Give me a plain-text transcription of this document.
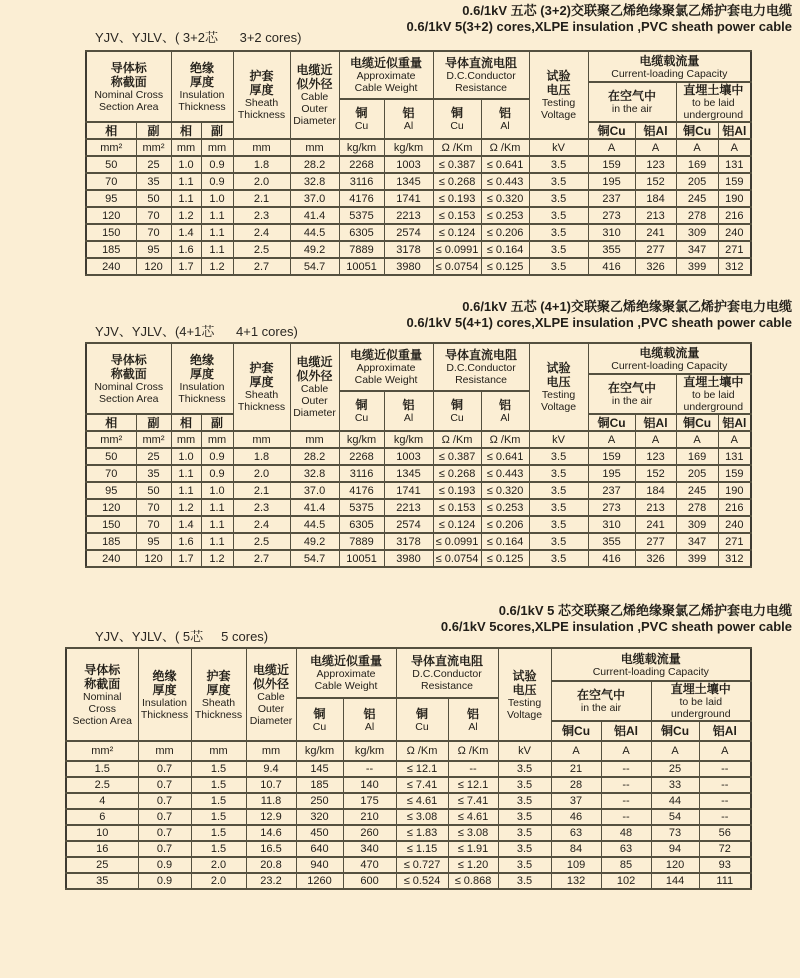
0.6/1kV 五芯 (3+2)交联聚乙烯绝缘聚氯乙烯护套电力电缆
0.6/1kV 5(3+2) cores,XLPE insulation ,PVC sheath power cable
YJV、YJLV、( 3+2芯      3+2 cores)
导体标
称截面
Nominal Cross
Section Area

绝缘
厚度
Insulation
Thickness

护套
厚度
Sheath
Thickness

电缆近
似外径
Cable
Outer
Diameter

电缆近似重量
Approximate
Cable Weight

导体直流电阻
D.C.Conductor
Resistance

试验
电压
Testing
Voltage

电缆载流量
Current-loading Capacity

在空气中
in the air

直埋土壤中
to be laid
underground

铜
Cu

铝
Al

铜
Cu

铝
Al

相	副	相	副								铜Cu	铝Al	铜Cu	铝Al

mm²	mm²	mm	mm	mm	mm	kg/km	kg/km	Ω /Km	Ω /Km	kV	A	A	A	A
50	25	1.0	0.9	1.8	28.2	2268	1003	≤ 0.387	≤ 0.641	3.5	159	123	169	131
70	35	1.1	0.9	2.0	32.8	3116	1345	≤ 0.268	≤ 0.443	3.5	195	152	205	159
95	50	1.1	1.0	2.1	37.0	4176	1741	≤ 0.193	≤ 0.320	3.5	237	184	245	190
120	70	1.2	1.1	2.3	41.4	5375	2213	≤ 0.153	≤ 0.253	3.5	273	213	278	216
150	70	1.4	1.1	2.4	44.5	6305	2574	≤ 0.124	≤ 0.206	3.5	310	241	309	240
185	95	1.6	1.1	2.5	49.2	7889	3178	≤ 0.0991	≤ 0.164	3.5	355	277	347	271
240	120	1.7	1.2	2.7	54.7	10051	3980	≤ 0.0754	≤ 0.125	3.5	416	326	399	312
0.6/1kV 五芯 (4+1)交联聚乙烯绝缘聚氯乙烯护套电力电缆
0.6/1kV 5(4+1) cores,XLPE insulation ,PVC sheath power cable
YJV、YJLV、(4+1芯      4+1 cores)
导体标
称截面
Nominal Cross
Section Area

绝缘
厚度
Insulation
Thickness

护套
厚度
Sheath
Thickness

电缆近
似外径
Cable
Outer
Diameter

电缆近似重量
Approximate
Cable Weight

导体直流电阻
D.C.Conductor
Resistance

试验
电压
Testing
Voltage

电缆载流量
Current-loading Capacity

在空气中
in the air

直埋土壤中
to be laid
underground

铜
Cu

铝
Al

铜
Cu

铝
Al

相	副	相	副								铜Cu	铝Al	铜Cu	铝Al

mm²	mm²	mm	mm	mm	mm	kg/km	kg/km	Ω /Km	Ω /Km	kV	A	A	A	A
50	25	1.0	0.9	1.8	28.2	2268	1003	≤ 0.387	≤ 0.641	3.5	159	123	169	131
70	35	1.1	0.9	2.0	32.8	3116	1345	≤ 0.268	≤ 0.443	3.5	195	152	205	159
95	50	1.1	1.0	2.1	37.0	4176	1741	≤ 0.193	≤ 0.320	3.5	237	184	245	190
120	70	1.2	1.1	2.3	41.4	5375	2213	≤ 0.153	≤ 0.253	3.5	273	213	278	216
150	70	1.4	1.1	2.4	44.5	6305	2574	≤ 0.124	≤ 0.206	3.5	310	241	309	240
185	95	1.6	1.1	2.5	49.2	7889	3178	≤ 0.0991	≤ 0.164	3.5	355	277	347	271
240	120	1.7	1.2	2.7	54.7	10051	3980	≤ 0.0754	≤ 0.125	3.5	416	326	399	312
0.6/1kV 5 芯交联聚乙烯绝缘聚氯乙烯护套电力电缆
0.6/1kV 5cores,XLPE insulation ,PVC sheath power cable
YJV、YJLV、( 5芯     5 cores)
导体标
称截面
Nominal
Cross
Section Area

绝缘
厚度
Insulation
Thickness

护套
厚度
Sheath
Thickness

电缆近
似外径
Cable
Outer
Diameter

电缆近似重量
Approximate
Cable Weight

导体直流电阻
D.C.Conductor
Resistance

试验
电压
Testing
Voltage

电缆载流量
Current-loading Capacity

在空气中
in the air

直埋土壤中
to be laid
underground

铜
Cu

铝
Al

铜
Cu

铝
Al

									铜Cu	铝Al	铜Cu	铝Al

mm²	mm	mm	mm	kg/km	kg/km	Ω /Km	Ω /Km	kV	A	A	A	A
1.5	0.7	1.5	9.4	145	--	≤ 12.1	--	3.5	21	--	25	--
2.5	0.7	1.5	10.7	185	140	≤ 7.41	≤ 12.1	3.5	28	--	33	--
4	0.7	1.5	11.8	250	175	≤ 4.61	≤ 7.41	3.5	37	--	44	--
6	0.7	1.5	12.9	320	210	≤ 3.08	≤ 4.61	3.5	46	--	54	--
10	0.7	1.5	14.6	450	260	≤ 1.83	≤ 3.08	3.5	63	48	73	56
16	0.7	1.5	16.5	640	340	≤ 1.15	≤ 1.91	3.5	84	63	94	72
25	0.9	2.0	20.8	940	470	≤ 0.727	≤ 1.20	3.5	109	85	120	93
35	0.9	2.0	23.2	1260	600	≤ 0.524	≤ 0.868	3.5	132	102	144	111
